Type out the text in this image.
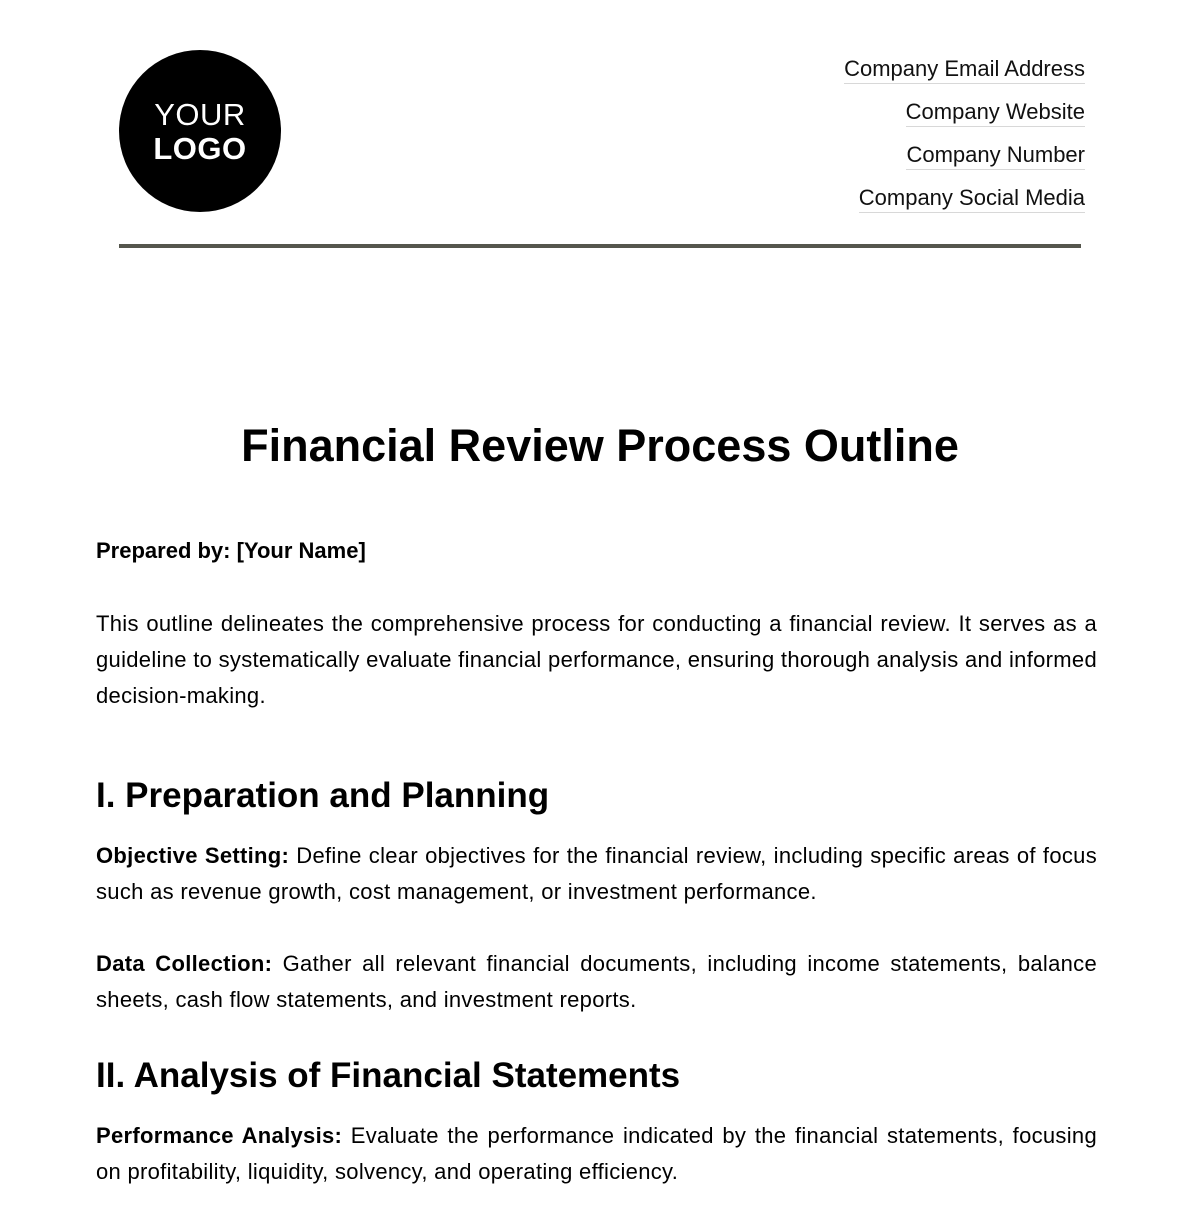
YOUR
LOGO
Company Email Address
Company Website
Company Number
Company Social Media
Financial Review Process Outline

Prepared by: [Your Name]

This outline delineates the comprehensive process for conducting a financial review. It serves as a guideline to systematically evaluate financial performance, ensuring thorough analysis and informed decision-making.

I. Preparation and Planning

Objective Setting: Define clear objectives for the financial review, including specific areas of focus such as revenue growth, cost management, or investment performance.

Data Collection: Gather all relevant financial documents, including income statements, balance sheets, cash flow statements, and investment reports.

II. Analysis of Financial Statements

Performance Analysis: Evaluate the performance indicated by the financial statements, focusing on profitability, liquidity, solvency, and operating efficiency.
